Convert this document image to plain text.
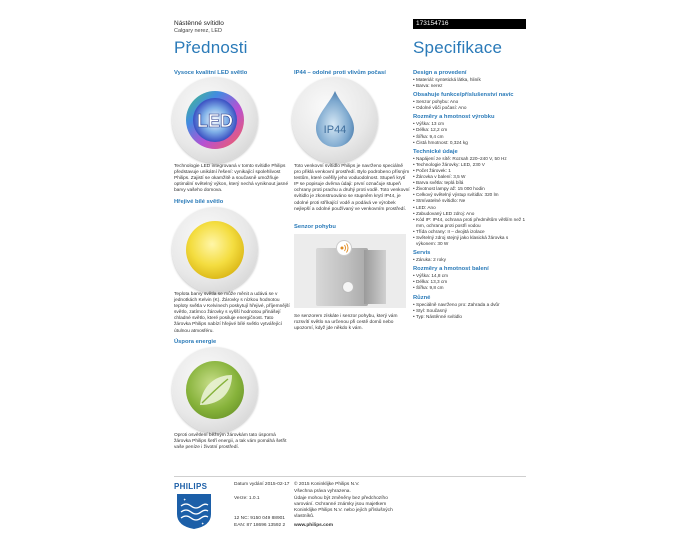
Nástěnné svítidlo
Calgary nerez, LED
173154716
Přednosti	Specifikace
Vysoce kvalitní LED světlo
LED
Technologie LED integrovaná v tomto svítidle Philips představuje unikátní řešení: vynikající spolehlivost Philips. Zajistí se okamžitě a současně umožňuje optimální světelný výkon, který nechá vyniknout jasné barvy vašeho domova.
Hřejivé bílé světlo
Teplota barvy světla se může měnit a udává se v jednotkách Kelvin (K). Žárovky s nízkou hodnotou teploty světla v Kelvinech poskytují hřejivé, příjemnější světlo, zatímco žárovky s vyšší hodnotou přinášejí chladné světlo, které posiluje energičnost. Tato žárovka Philips nabízí hřejivé bílé světlo vytvářející útulnou atmosféru.
Úspora energie
Oproti osvětlení běžným žárovkám tato úsporná žárovka Philips šetří energii, a tak vám pomáhá šetřit vaše peníze i životní prostředí.
IP44 – odolné proti vlivům počasí
IP44
Toto venkovní svítidlo Philips je navrženo speciálně pro přiklá venkovní prostředí. Bylo podrobeno přísným testům, které ověřily jeho voduodolnost. Stupeň krytí IP se popisuje dvěma údaji: první označuje stupeň ochrany proti prachu a druhý proti vodě. Toto venkovní svítidlo je zkonstruováno se stupněm krytí IP44, je odolné proti stříkající vodě a podává ve výrobek nejlepší a odolné používaný ve venkovním prostředí.
Senzor pohybu
Se senzorem získáte i senzor pohybu, který vám rozsvítí světlo na určenou při cestě domů nebo upozorní, když jde někdo k vám.
Design a provedení
• Materiál: syntetická látka, hliník
• Barva: nerez
Obsahuje funkce/příslušenství navíc
• Senzor pohybu: Ano
• Odolné vůči počasí: Ano
Rozměry a hmotnost výrobku
• Výška: 13 cm
• Délka: 12,2 cm
• Šířka: 9,4 cm
• Čistá hmotnost: 0,324 kg
Technické údaje
• Napájení ze sítě: Rozsah 220–240 V, 50 Hz
• Technologie žárovky: LED, 230 V
• Počet žárovek: 1
• Žárovka v balení: 3,5 W
• Barva světla: teplá bílá
• Životnost lampy až: 15 000 hodin
• Celkový světelný výstup svítidla: 320 lm
• Stmívatelné svítidlo: Ne
• LED: Ano
• Zabudovaný LED zdroj: Ano
• Kód IP: IP44, ochrana proti předmětům větším než 1 mm, ochrana proti postři vodou
• Třída ochrany: II – dvojitá izolace
• Světelný zdroj stejný jako klasická žárovka s výkonem: 30 W
Servis
• Záruka: 2 roky
Rozměry a hmotnost balení
• Výška: 14,8 cm
• Délka: 13,3 cm
• Šířka: 9,8 cm
Různé
• Speciálně navrženo pro: Zahrada a dvůr
• Styl: Současný
• Typ: Nástěnné svítidlo
PHILIPS
✦
✦
Datum vydání 2015-02-17
Verze: 1.0.1
12 NC: 9150 049 88901
EAN: 87 18696 13592 2
© 2015 Koninklijke Philips N.V.
Všechna práva vyhrazena.
Údaje mohou být změněny bez předchozího varování. Ochranné známky jsou majetkem Koninklijke Philips N.V. nebo jejích příslušných vlastníků.
www.philips.com
